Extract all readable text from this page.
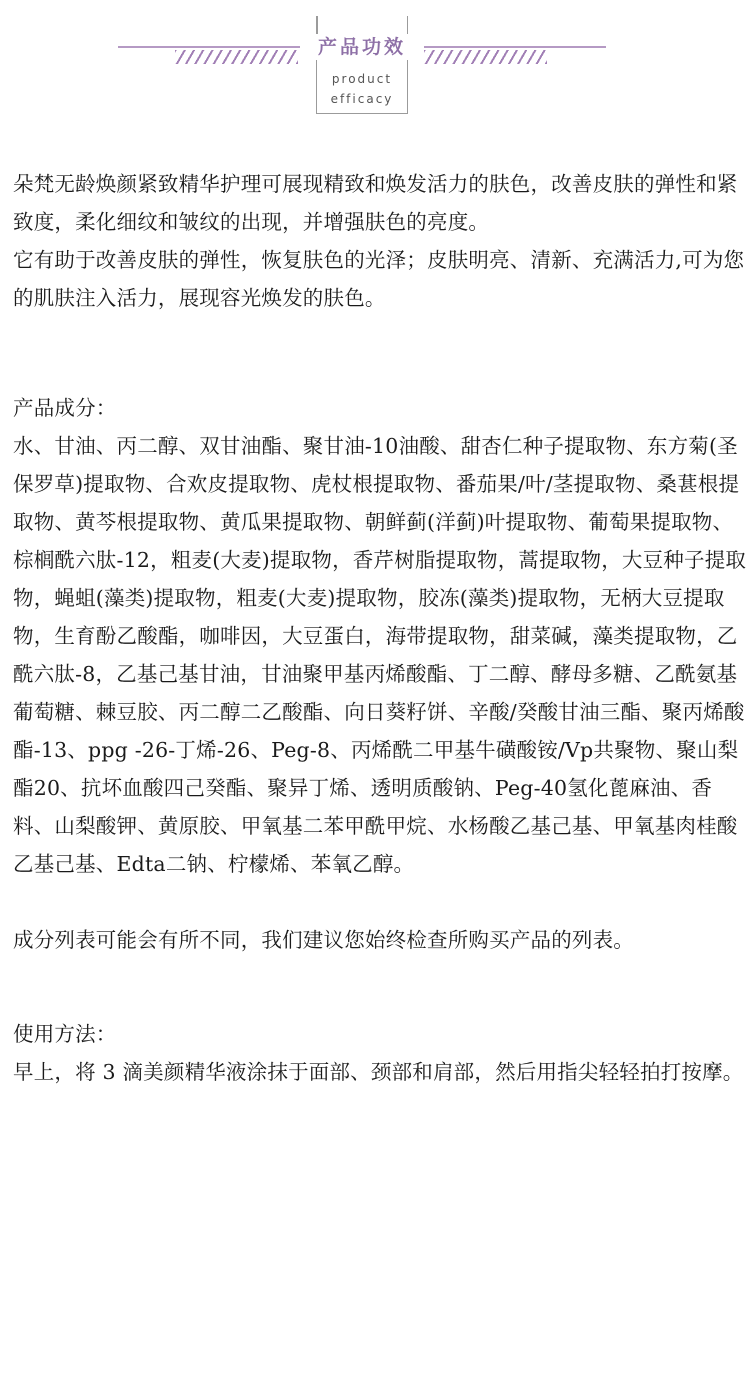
产品功效
product
efficacy

朵梵无龄焕颜紧致精华护理可展现精致和焕发活力的肤色，改善皮肤的弹性和紧致度，柔化细纹和皱纹的出现，并增强肤色的亮度。

它有助于改善皮肤的弹性，恢复肤色的光泽；皮肤明亮、清新、充满活力,可为您的肌肤注入活力，展现容光焕发的肤色。

产品成分：

水、甘油、丙二醇、双甘油酯、聚甘油-10油酸、甜杏仁种子提取物、东方菊(圣保罗草)提取物、合欢皮提取物、虎杖根提取物、番茄果/叶/茎提取物、桑葚根提取物、黄芩根提取物、黄瓜果提取物、朝鲜蓟(洋蓟)叶提取物、葡萄果提取物、棕榈酰六肽-12，粗麦(大麦)提取物，香芹树脂提取物，蒿提取物，大豆种子提取物，蝇蛆(藻类)提取物，粗麦(大麦)提取物，胶冻(藻类)提取物，无柄大豆提取物，生育酚乙酸酯，咖啡因，大豆蛋白，海带提取物，甜菜碱，藻类提取物，乙酰六肽-8，乙基己基甘油，甘油聚甲基丙烯酸酯、丁二醇、酵母多糖、乙酰氨基葡萄糖、棘豆胶、丙二醇二乙酸酯、向日葵籽饼、辛酸/癸酸甘油三酯、聚丙烯酸酯-13、ppg -26-丁烯-26、Peg-8、丙烯酰二甲基牛磺酸铵/Vp共聚物、聚山梨酯20、抗坏血酸四己癸酯、聚异丁烯、透明质酸钠、Peg-40氢化蓖麻油、香料、山梨酸钾、黄原胶、甲氧基二苯甲酰甲烷、水杨酸乙基己基、甲氧基肉桂酸乙基己基、Edta二钠、柠檬烯、苯氧乙醇。

成分列表可能会有所不同，我们建议您始终检查所购买产品的列表。

使用方法：

早上，将 3 滴美颜精华液涂抹于面部、颈部和肩部，然后用指尖轻轻拍打按摩。
